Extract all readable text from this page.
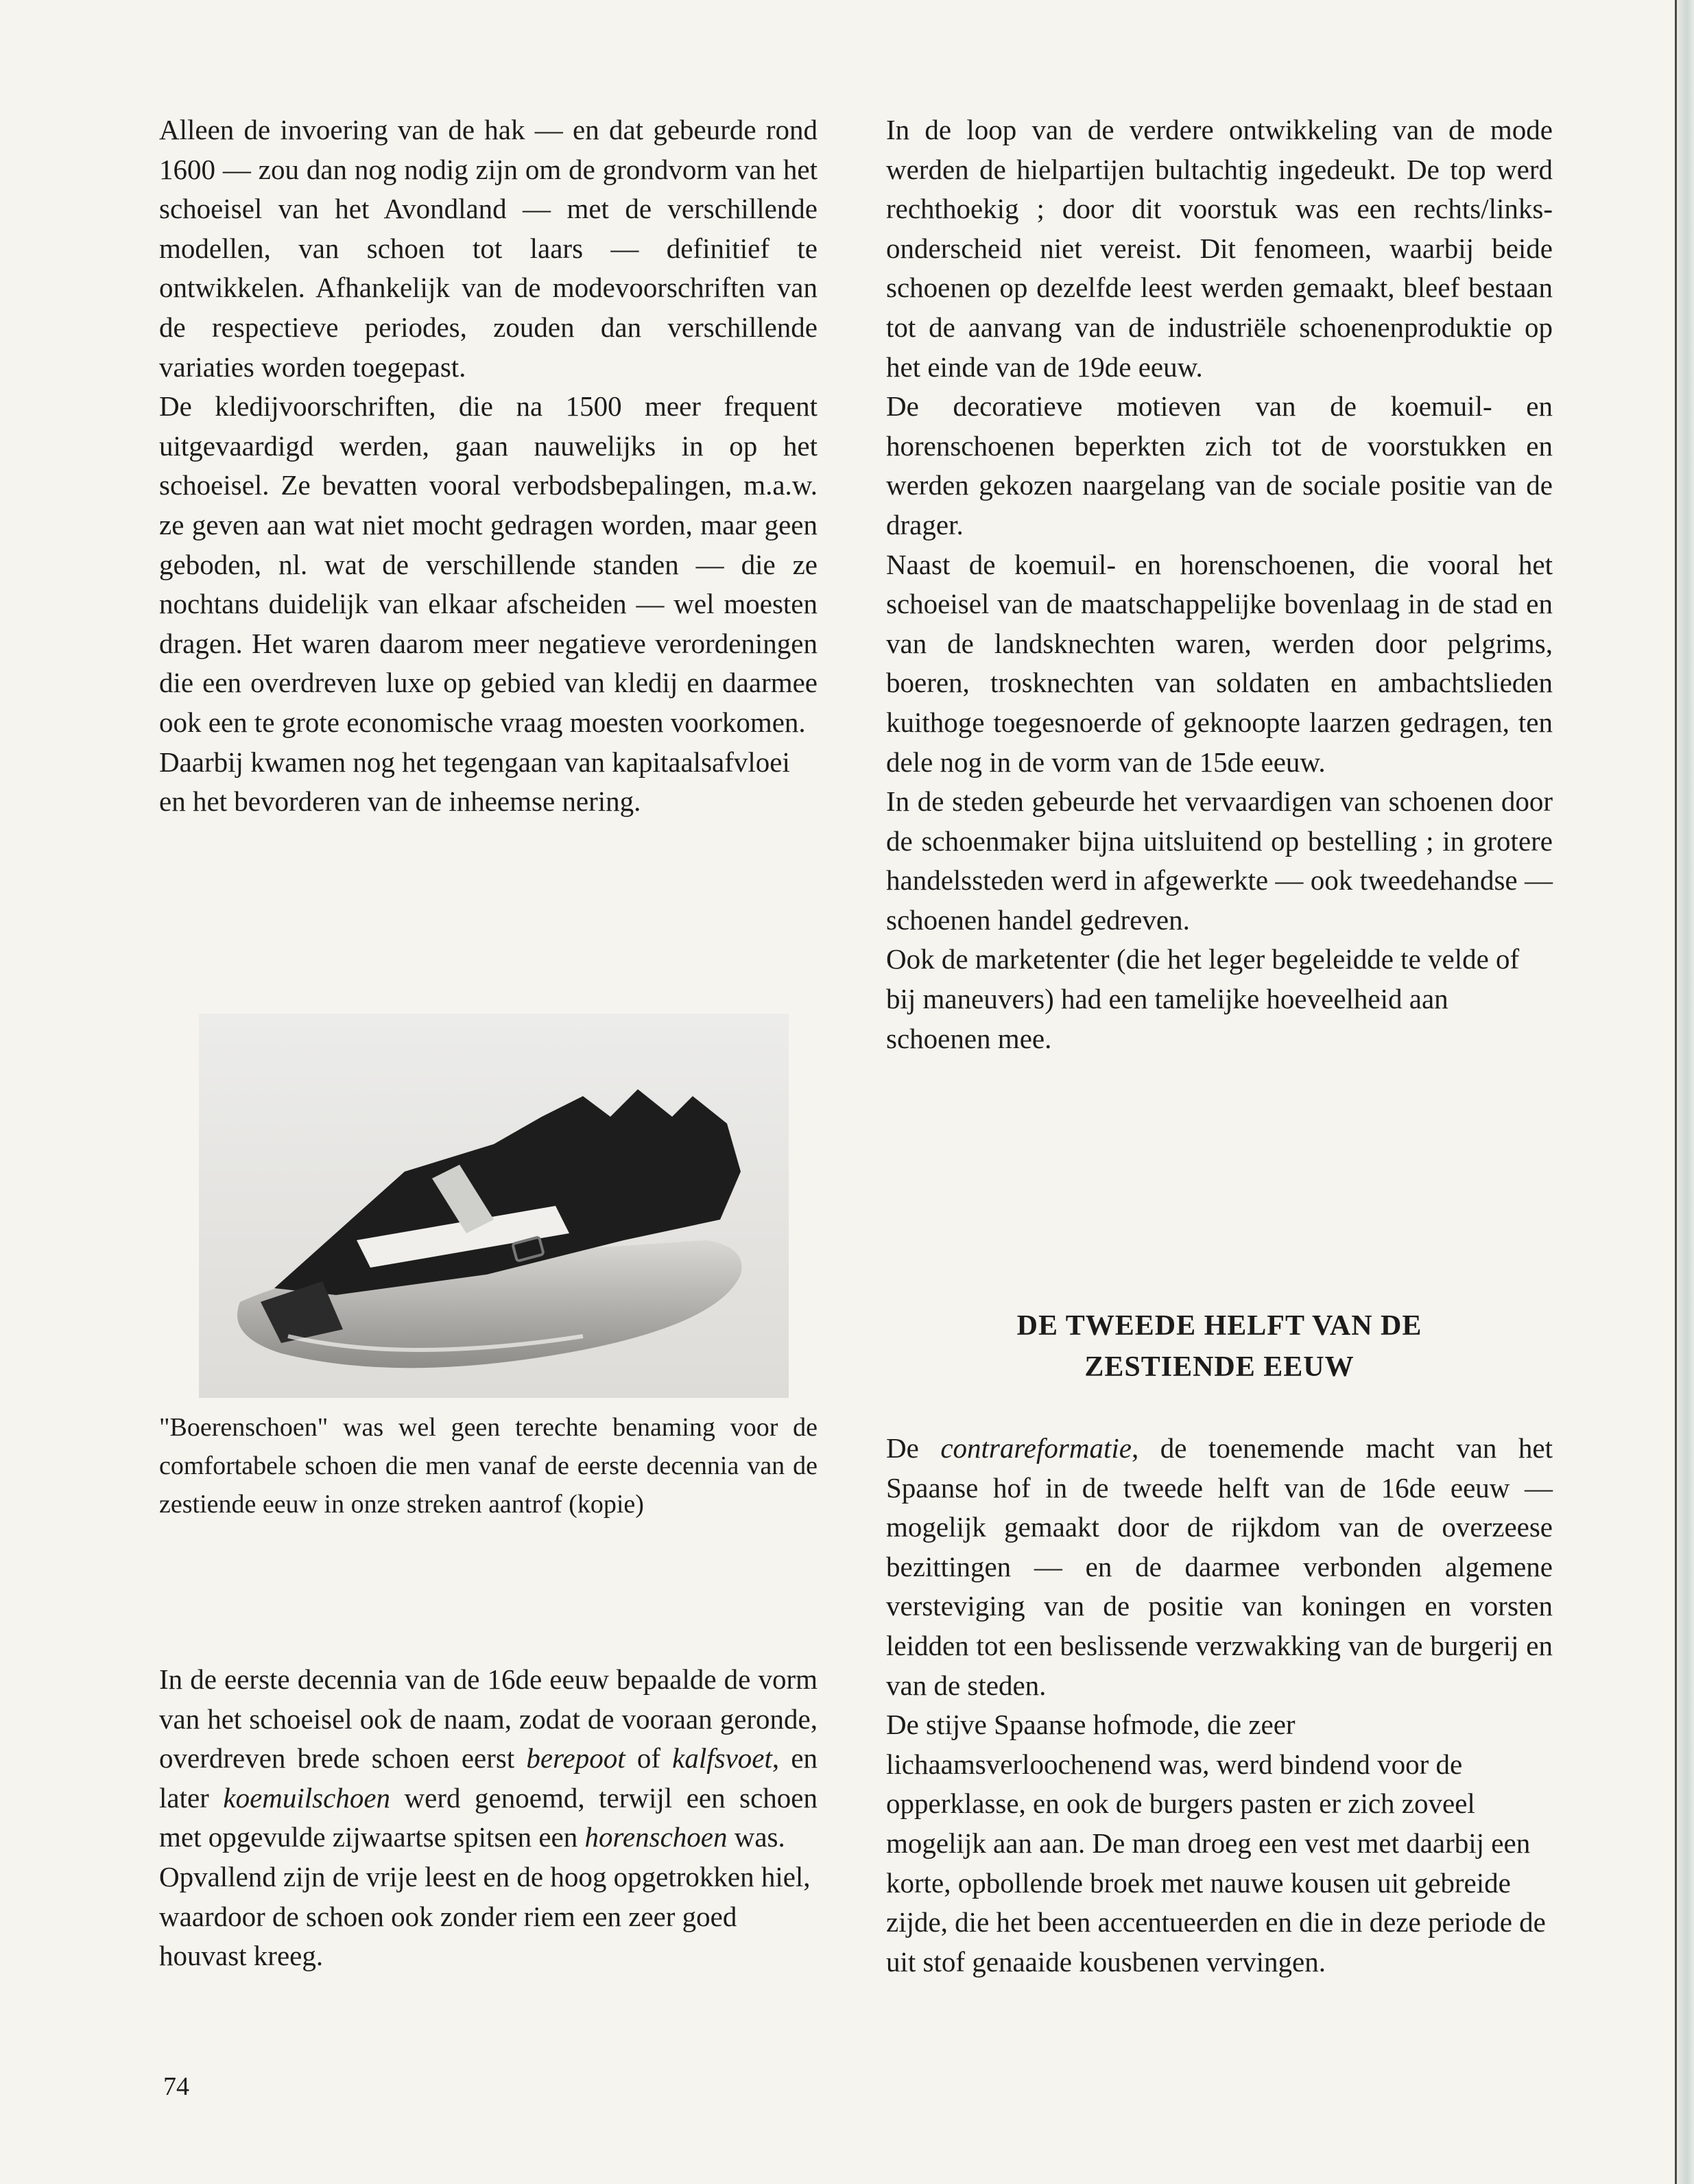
Alleen de invoering van de hak — en dat gebeurde rond 1600 — zou dan nog nodig zijn om de grondvorm van het schoeisel van het Avondland — met de verschillende modellen, van schoen tot laars — definitief te ontwikkelen. Afhankelijk van de modevoorschriften van de respectieve periodes, zouden dan verschillende variaties worden toegepast.

De kledijvoorschriften, die na 1500 meer frequent uitgevaardigd werden, gaan nauwelijks in op het schoeisel. Ze bevatten vooral verbodsbepalingen, m.a.w. ze geven aan wat niet mocht gedragen worden, maar geen geboden, nl. wat de verschillende standen — die ze nochtans duidelijk van elkaar afscheiden — wel moesten dragen. Het waren daarom meer negatieve verordeningen die een overdreven luxe op gebied van kledij en daarmee ook een te grote economische vraag moesten voorkomen.

Daarbij kwamen nog het tegengaan van kapitaalsafvloei en het bevorderen van de inheemse nering.

"Boerenschoen" was wel geen terechte benaming voor de comfortabele schoen die men vanaf de eerste decennia van de zestiende eeuw in onze streken aantrof (kopie)

In de eerste decennia van de 16de eeuw bepaalde de vorm van het schoeisel ook de naam, zodat de vooraan geronde, overdreven brede schoen eerst berepoot of kalfsvoet, en later koemuilschoen werd genoemd, terwijl een schoen met opgevulde zijwaartse spitsen een horenschoen was.

Opvallend zijn de vrije leest en de hoog opgetrokken hiel, waardoor de schoen ook zonder riem een zeer goed houvast kreeg.

In de loop van de verdere ontwikkeling van de mode werden de hielpartijen bultachtig ingedeukt. De top werd rechthoekig ; door dit voorstuk was een rechts/links-onderscheid niet vereist. Dit fenomeen, waarbij beide schoenen op dezelfde leest werden gemaakt, bleef bestaan tot de aanvang van de industriële schoenenproduktie op het einde van de 19de eeuw.

De decoratieve motieven van de koemuil- en horenschoenen beperkten zich tot de voorstukken en werden gekozen naargelang van de sociale positie van de drager.

Naast de koemuil- en horenschoenen, die vooral het schoeisel van de maatschappelijke bovenlaag in de stad en van de landsknechten waren, werden door pelgrims, boeren, trosknechten van soldaten en ambachtslieden kuithoge toegesnoerde of geknoopte laarzen gedragen, ten dele nog in de vorm van de 15de eeuw.

In de steden gebeurde het vervaardigen van schoenen door de schoenmaker bijna uitsluitend op bestelling ; in grotere handelssteden werd in afgewerkte — ook tweedehandse — schoenen handel gedreven.

Ook de marketenter (die het leger begeleidde te velde of bij maneuvers) had een tamelijke hoeveelheid aan schoenen mee.

DE TWEEDE HELFT VAN DE
ZESTIENDE EEUW

De contrareformatie, de toenemende macht van het Spaanse hof in de tweede helft van de 16de eeuw — mogelijk gemaakt door de rijkdom van de overzeese bezittingen — en de daarmee verbonden algemene versteviging van de positie van koningen en vorsten leidden tot een beslissende verzwakking van de burgerij en van de steden.

De stijve Spaanse hofmode, die zeer lichaamsverloochenend was, werd bindend voor de opperklasse, en ook de burgers pasten er zich zoveel mogelijk aan aan. De man droeg een vest met daarbij een korte, opbollende broek met nauwe kousen uit gebreide zijde, die het been accentueerden en die in deze periode de uit stof genaaide kousbenen vervingen.

74
